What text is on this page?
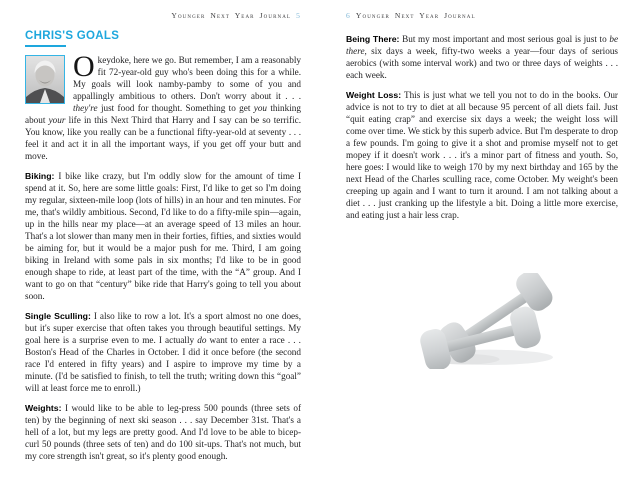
Younger Next Year Journal 5
CHRIS'S GOALS

O keydoke, here we go. But remember, I am a reasonably fit 72-year-old guy who's been doing this for a while. My goals will look namby-pamby to some of you and appallingly ambitious to others. Don't worry about it . . . they're just food for thought. Something to get you thinking about your life in this Next Third that Harry and I say can be so terrific. You know, like you really can be a functional fifty-year-old at seventy . . . feel it and act it in all the important ways, if you get off your butt and move.

Biking: I bike like crazy, but I'm oddly slow for the amount of time I spend at it. So, here are some little goals: First, I'd like to get so I'm doing my regular, sixteen-mile loop (lots of hills) in an hour and ten minutes. For me, that's wildly ambitious. Second, I'd like to do a fifty-mile spin—again, up in the hills near my place—at an average speed of 13 miles an hour. That's a lot slower than many men in their forties, fifties, and sixties would be aiming for, but it would be a major push for me. Third, I am going biking in Ireland with some pals in six months; I'd like to be in good enough shape to ride, at least part of the time, with the “A” group. And I want to go on that “century” bike ride that Harry's going to tell you about soon.

Single Sculling: I also like to row a lot. It's a sport almost no one does, but it's super exercise that often takes you through beautiful settings. My goal here is a surprise even to me. I actually do want to enter a race . . . Boston's Head of the Charles in October. I did it once before (the second race I'd entered in fifty years) and I aspire to improve my time by a minute. (I'd be satisfied to finish, to tell the truth; writing down this “goal” will at least force me to enroll.)

Weights: I would like to be able to leg-press 500 pounds (three sets of ten) by the beginning of next ski season . . . say December 31st. That's a hell of a lot, but my legs are pretty good. And I'd love to be able to bicep-curl 50 pounds (three sets of ten) and do 100 sit-ups. That's not much, but my core strength isn't great, so it's plenty good enough.

6 Younger Next Year Journal

Being There: But my most important and most serious goal is just to be there, six days a week, fifty-two weeks a year—four days of serious aerobics (with some interval work) and two or three days of weights . . . each week.

Weight Loss: This is just what we tell you not to do in the books. Our advice is not to try to diet at all because 95 percent of all diets fail. Just “quit eating crap” and exercise six days a week; the weight loss will come over time. We stick by this superb advice. But I'm desperate to drop a few pounds. I'm going to give it a shot and promise myself not to get mopey if it doesn't work . . . it's a minor part of fitness and youth. So, here goes: I would like to weigh 170 by my next birthday and 165 by the next Head of the Charles sculling race, come October. My weight's been creeping up again and I want to turn it around. I am not talking about a diet . . . just cranking up the lifestyle a bit. Doing a little more exercise, and eating just a hair less crap.
